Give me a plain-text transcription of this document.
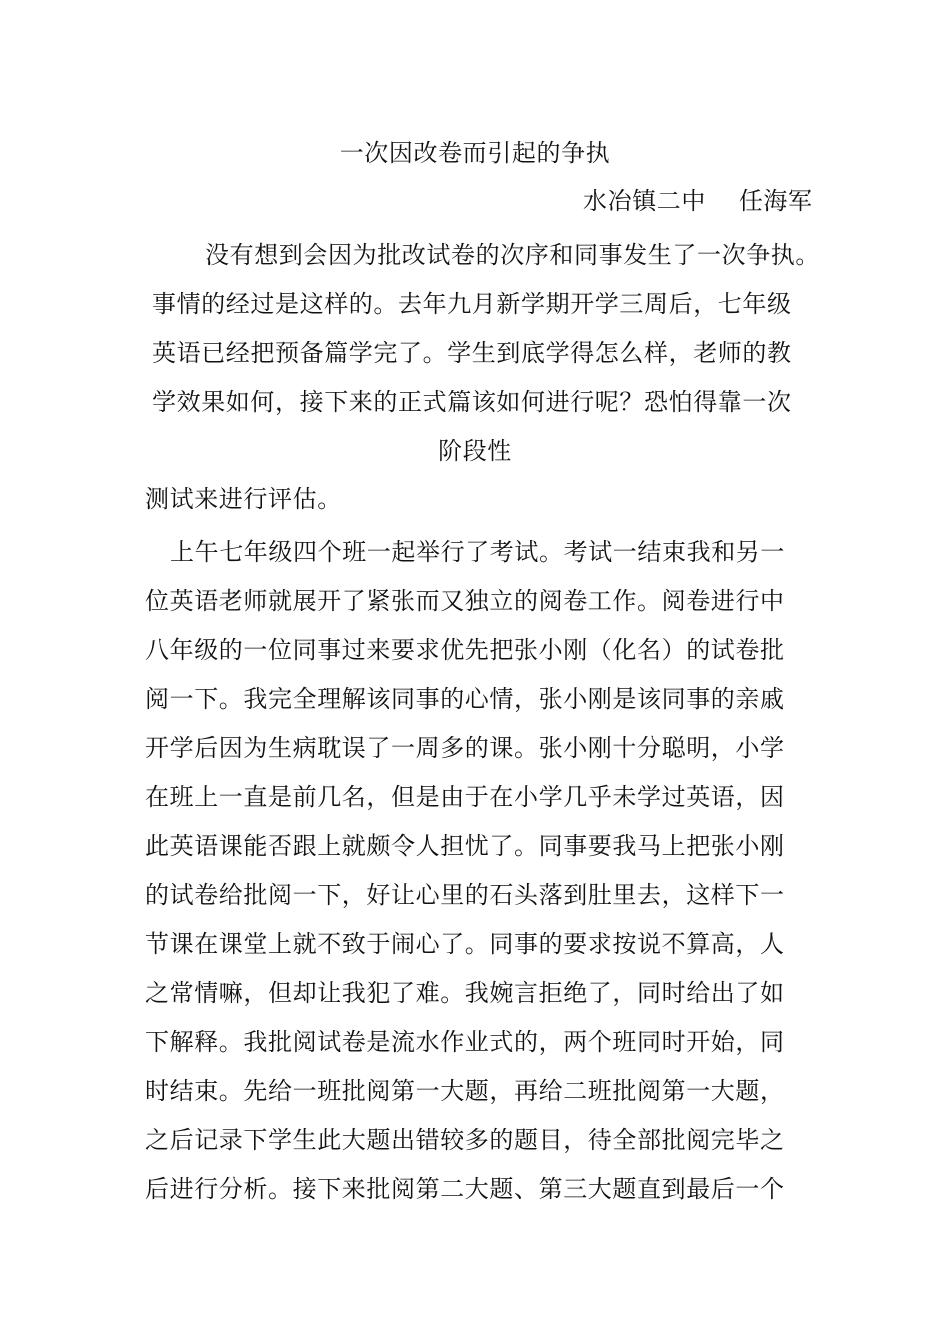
一次因改卷而引起的争执
水冶镇二中　 任海军
没有想到会因为批改试卷的次序和同事发生了一次争执。
事情的经过是这样的。去年九月新学期开学三周后，七年级
英语已经把预备篇学完了。学生到底学得怎么样，老师的教
学效果如何，接下来的正式篇该如何进行呢？恐怕得靠一次
阶段性
测试来进行评估。
上午七年级四个班一起举行了考试。考试一结束我和另一
位英语老师就展开了紧张而又独立的阅卷工作。阅卷进行中
八年级的一位同事过来要求优先把张小刚（化名）的试卷批
阅一下。我完全理解该同事的心情，张小刚是该同事的亲戚
开学后因为生病耽误了一周多的课。张小刚十分聪明，小学
在班上一直是前几名，但是由于在小学几乎未学过英语，因
此英语课能否跟上就颇令人担忧了。同事要我马上把张小刚
的试卷给批阅一下，好让心里的石头落到肚里去，这样下一
节课在课堂上就不致于闹心了。同事的要求按说不算高，人
之常情嘛，但却让我犯了难。我婉言拒绝了，同时给出了如
下解释。我批阅试卷是流水作业式的，两个班同时开始，同
时结束。先给一班批阅第一大题，再给二班批阅第一大题，
之后记录下学生此大题出错较多的题目，待全部批阅完毕之
后进行分析。接下来批阅第二大题、第三大题直到最后一个
